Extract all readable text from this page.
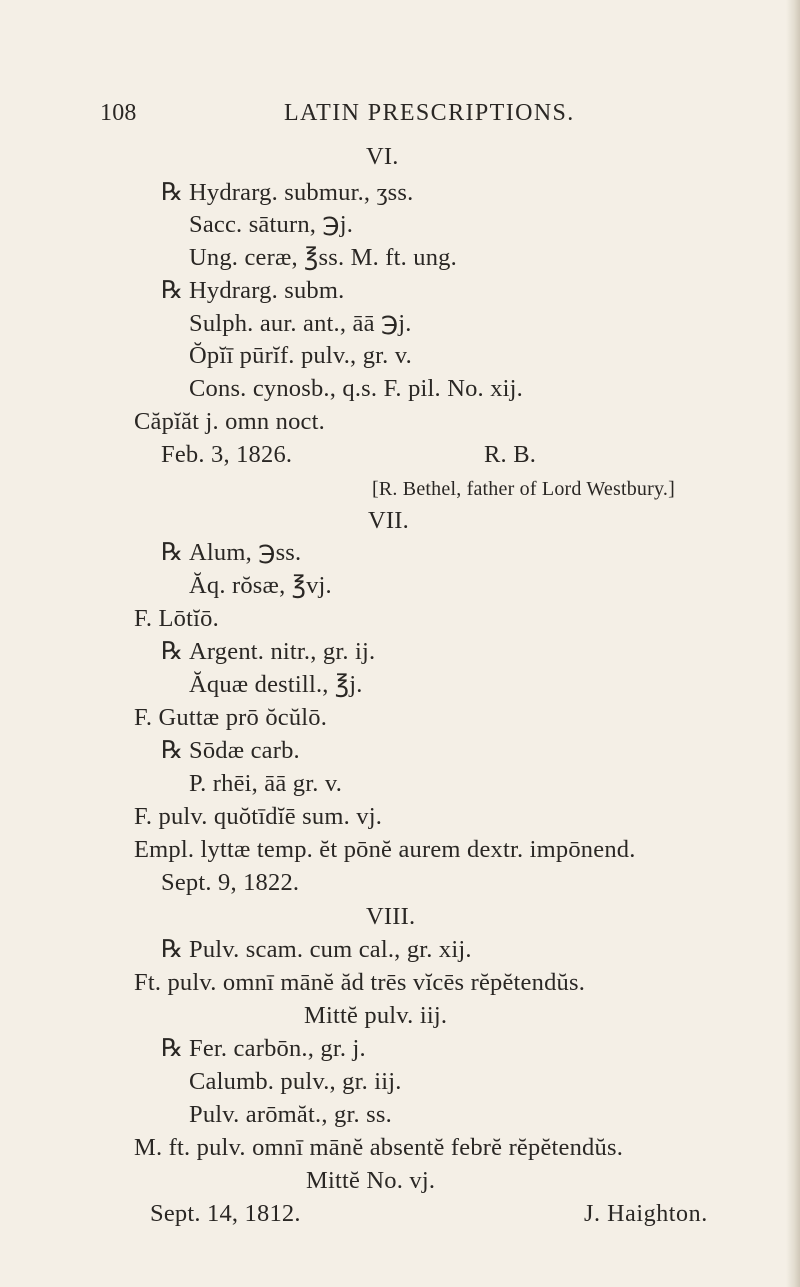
108	LATIN PRESCRIPTIONS.
VI.
℞ Hydrarg. submur., ʒss.
Sacc. sāturn, ℈j.
Ung. ceræ, ℥ss. M. ft. ung.
℞ Hydrarg. subm.
Sulph. aur. ant., āā ℈j.
Ŏpĭī pūrĭf. pulv., gr. v.
Cons. cynosb., q.s. F. pil. No. xij.
Căpĭăt j. omn noct.
Feb. 3, 1826.	R. B.
[R. Bethel, father of Lord Westbury.]
VII.
℞ Alum, ℈ss.
Ăq. rŏsæ, ℥vj.
F. Lōtĭō.
℞ Argent. nitr., gr. ij.
Ăquæ destill., ℥j.
F. Guttæ prō ŏcŭlō.
℞ Sōdæ carb.
P. rhēi, āā gr. v.
F. pulv. quŏtīdĭē sum. vj.
Empl. lyttæ temp. ĕt pōnĕ aurem dextr. impōnend.
Sept. 9, 1822.
VIII.
℞ Pulv. scam. cum cal., gr. xij.
Ft. pulv. omnī mānĕ ăd trēs vĭcēs rĕpĕtendŭs.
Mittĕ pulv. iij.
℞ Fer. carbōn., gr. j.
Calumb. pulv., gr. iij.
Pulv. arōmăt., gr. ss.
M. ft. pulv. omnī mānĕ absentĕ febrĕ rĕpĕtendŭs.
Mittĕ No. vj.
Sept. 14, 1812.	J. Haighton.
